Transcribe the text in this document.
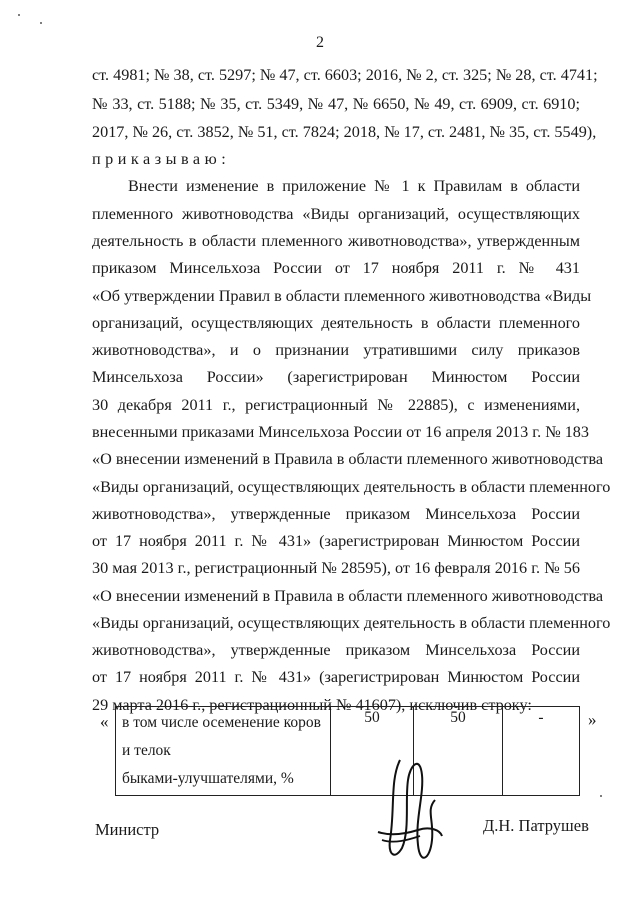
2
ст. 4981; № 38, ст. 5297; № 47, ст. 6603; 2016, № 2, ст. 325; № 28, ст. 4741;
№ 33, ст. 5188; № 35, ст. 5349, № 47, № 6650, № 49, ст. 6909, ст. 6910;
2017, № 26, ст. 3852, № 51, ст. 7824; 2018, № 17, ст. 2481, № 35, ст. 5549),
приказываю:
Внести изменение в приложение № 1 к Правилам в области
племенного животноводства «Виды организаций, осуществляющих
деятельность в области племенного животноводства», утвержденным
приказом Минсельхоза России от 17 ноября 2011 г. № 431
«Об утверждении Правил в области племенного животноводства «Виды
организаций, осуществляющих деятельность в области племенного
животноводства», и о признании утратившими силу приказов
Минсельхоза России» (зарегистрирован Минюстом России
30 декабря 2011 г., регистрационный № 22885), с изменениями,
внесенными приказами Минсельхоза России от 16 апреля 2013 г. № 183
«О внесении изменений в Правила в области племенного животноводства
«Виды организаций, осуществляющих деятельность в области племенного
животноводства», утвержденные приказом Минсельхоза России
от 17 ноября 2011 г. № 431» (зарегистрирован Минюстом России
30 мая 2013 г., регистрационный № 28595), от 16 февраля 2016 г. № 56
«О внесении изменений в Правила в области племенного животноводства
«Виды организаций, осуществляющих деятельность в области племенного
животноводства», утвержденные приказом Минсельхоза России
от 17 ноября 2011 г. № 431» (зарегистрирован Минюстом России
29 марта 2016 г., регистрационный № 41607), исключив строку:
« в том числе осеменение коров
и телок
быками-улучшателями, %
	50	50	-	»
Министр	Д.Н. Патрушев
